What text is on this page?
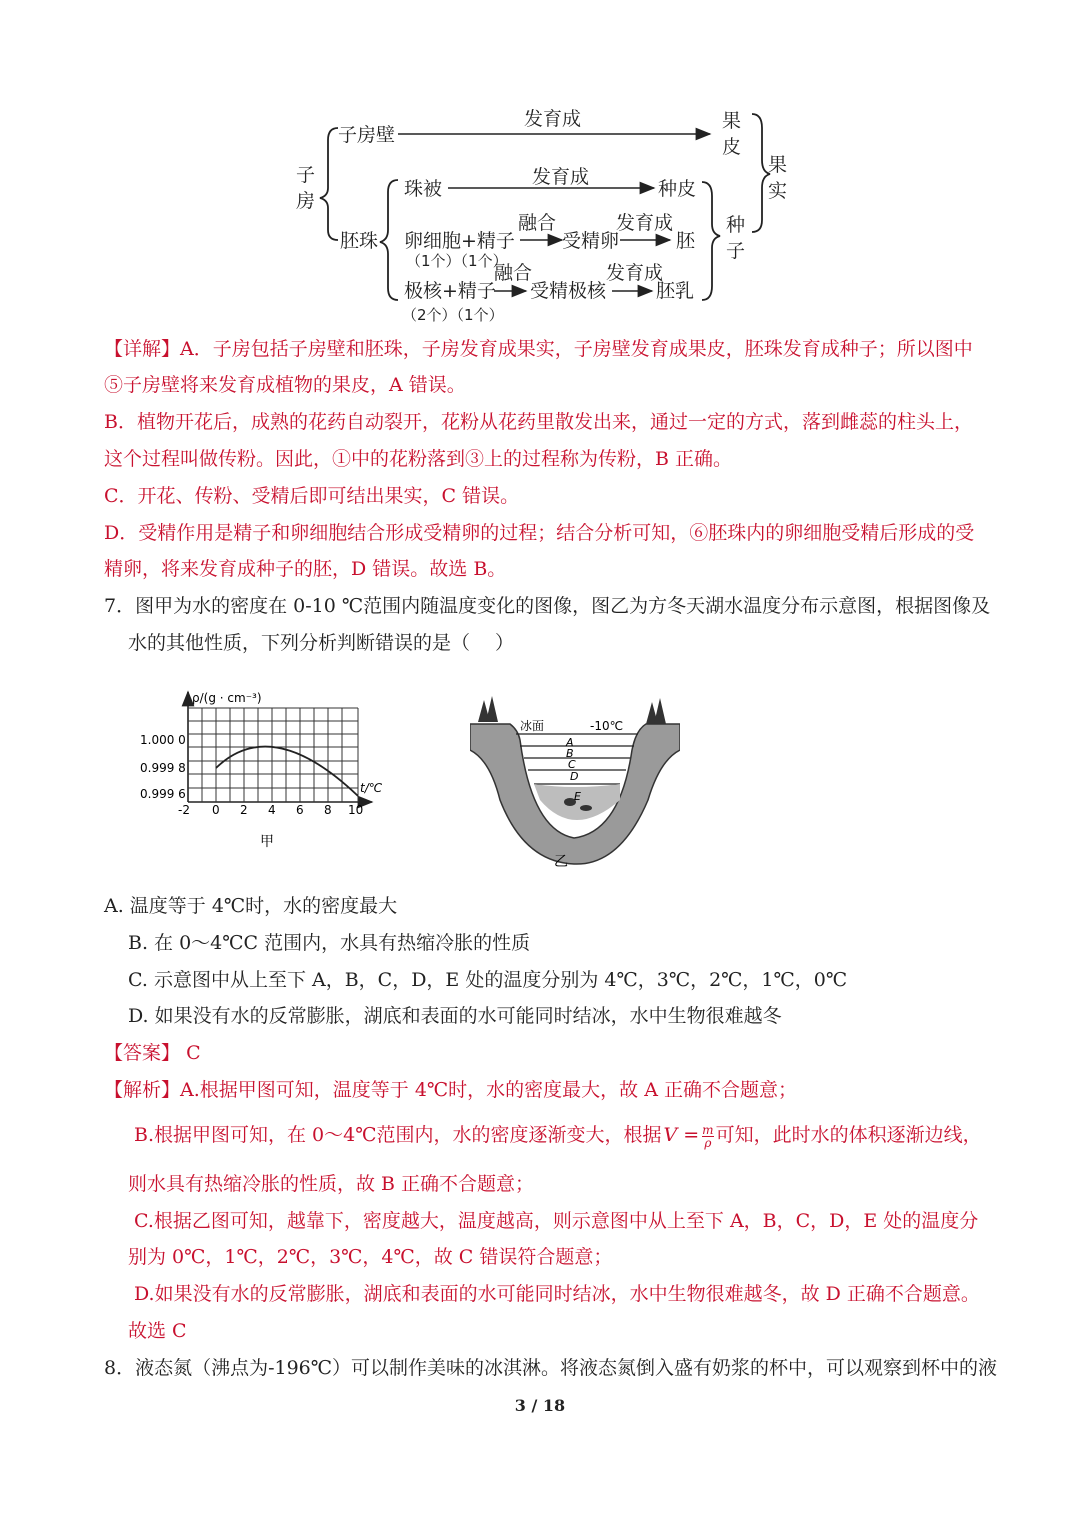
子
房
子房壁
发育成	果
皮
果
实
珠被
发育成
种皮
胚珠 卵细胞+精子
（1个）（1个）
融合
受精卵
发育成
胚
种
子
极核+精子
（2个）（1个）
融合
受精极核
发育成
胚乳
【详解】A．子房包括子房壁和胚珠，子房发育成果实，子房壁发育成果皮，胚珠发育成种子；所以图中
⑤子房壁将来发育成植物的果皮，A 错误。
B．植物开花后，成熟的花药自动裂开，花粉从花药里散发出来，通过一定的方式，落到雌蕊的柱头上，
这个过程叫做传粉。因此，①中的花粉落到③上的过程称为传粉，B 正确。
C．开花、传粉、受精后即可结出果实，C 错误。
D．受精作用是精子和卵细胞结合形成受精卵的过程；结合分析可知，⑥胚珠内的卵细胞受精后形成的受
精卵，将来发育成种子的胚，D 错误。故选 B。
7．图甲为水的密度在 0-10 ℃范围内随温度变化的图像，图乙为方冬天湖水温度分布示意图，根据图像及
水的其他性质，下列分析判断错误的是（　 ）
ρ/(g · cm⁻³)
t/℃
1.000 0
0.999 8
0.999 6
-2 0 2 4 6 8 10
甲
冰面	-10℃
A
B
C
D
E
乙
A. 温度等于 4℃时，水的密度最大
B. 在 0～4℃C 范围内，水具有热缩冷胀的性质
C. 示意图中从上至下 A，B，C，D，E 处的温度分别为 4℃，3℃，2℃，1℃，0℃
D. 如果没有水的反常膨胀，湖底和表面的水可能同时结冰，水中生物很难越冬
【答案】 C
【解析】A.根据甲图可知，温度等于 4℃时，水的密度最大，故 A 正确不合题意；
B.根据甲图可知，在 0～4℃范围内，水的密度逐渐变大，根据 $V = \frac{m}{\rho}$ 可知，此时水的体积逐渐边线，
则水具有热缩冷胀的性质，故 B 正确不合题意；
C.根据乙图可知，越靠下，密度越大，温度越高，则示意图中从上至下 A，B，C，D，E 处的温度分
别为 0℃，1℃，2℃，3℃，4℃，故 C 错误符合题意；
D.如果没有水的反常膨胀，湖底和表面的水可能同时结冰，水中生物很难越冬，故 D 正确不合题意。
故选 C
8．液态氮（沸点为-196℃）可以制作美味的冰淇淋。将液态氮倒入盛有奶浆的杯中，可以观察到杯中的液
3 / 18
